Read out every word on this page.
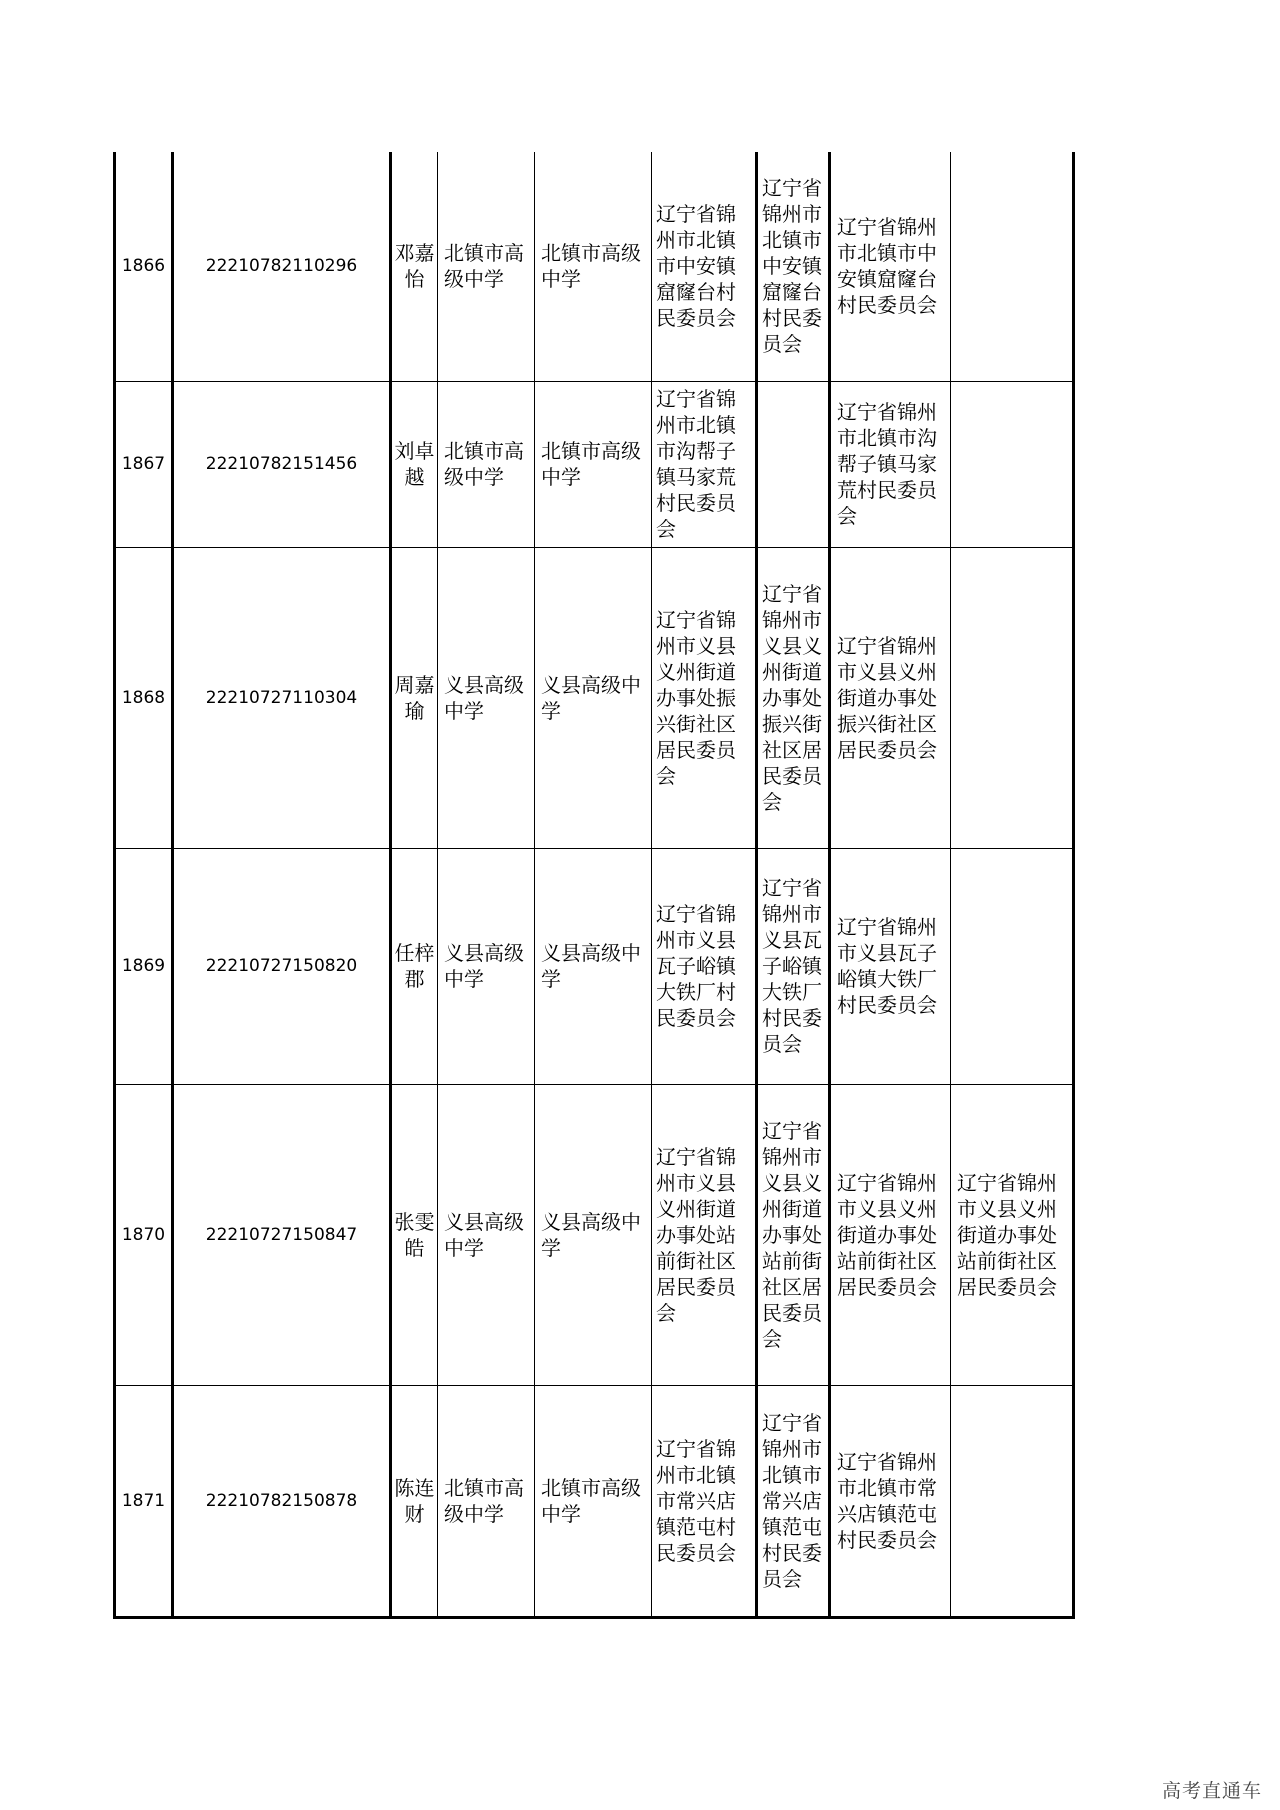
1866	22210782110296	邓嘉怡	北镇市高级中学	北镇市高级中学	辽宁省锦州市北镇市中安镇窟窿台村民委员会	辽宁省锦州市北镇市中安镇窟窿台村民委员会	辽宁省锦州市北镇市中安镇窟窿台村民委员会	
1867	22210782151456	刘卓越	北镇市高级中学	北镇市高级中学	辽宁省锦州市北镇市沟帮子镇马家荒村民委员会		辽宁省锦州市北镇市沟帮子镇马家荒村民委员会	
1868	22210727110304	周嘉瑜	义县高级中学	义县高级中学	辽宁省锦州市义县义州街道办事处振兴街社区居民委员会	辽宁省锦州市义县义州街道办事处振兴街社区居民委员会	辽宁省锦州市义县义州街道办事处振兴街社区居民委员会	
1869	22210727150820	任梓郡	义县高级中学	义县高级中学	辽宁省锦州市义县瓦子峪镇大铁厂村民委员会	辽宁省锦州市义县瓦子峪镇大铁厂村民委员会	辽宁省锦州市义县瓦子峪镇大铁厂村民委员会	
1870	22210727150847	张雯皓	义县高级中学	义县高级中学	辽宁省锦州市义县义州街道办事处站前街社区居民委员会	辽宁省锦州市义县义州街道办事处站前街社区居民委员会	辽宁省锦州市义县义州街道办事处站前街社区居民委员会	辽宁省锦州市义县义州街道办事处站前街社区居民委员会
1871	22210782150878	陈连财	北镇市高级中学	北镇市高级中学	辽宁省锦州市北镇市常兴店镇范屯村民委员会	辽宁省锦州市北镇市常兴店镇范屯村民委员会	辽宁省锦州市北镇市常兴店镇范屯村民委员会	
高考直通车
